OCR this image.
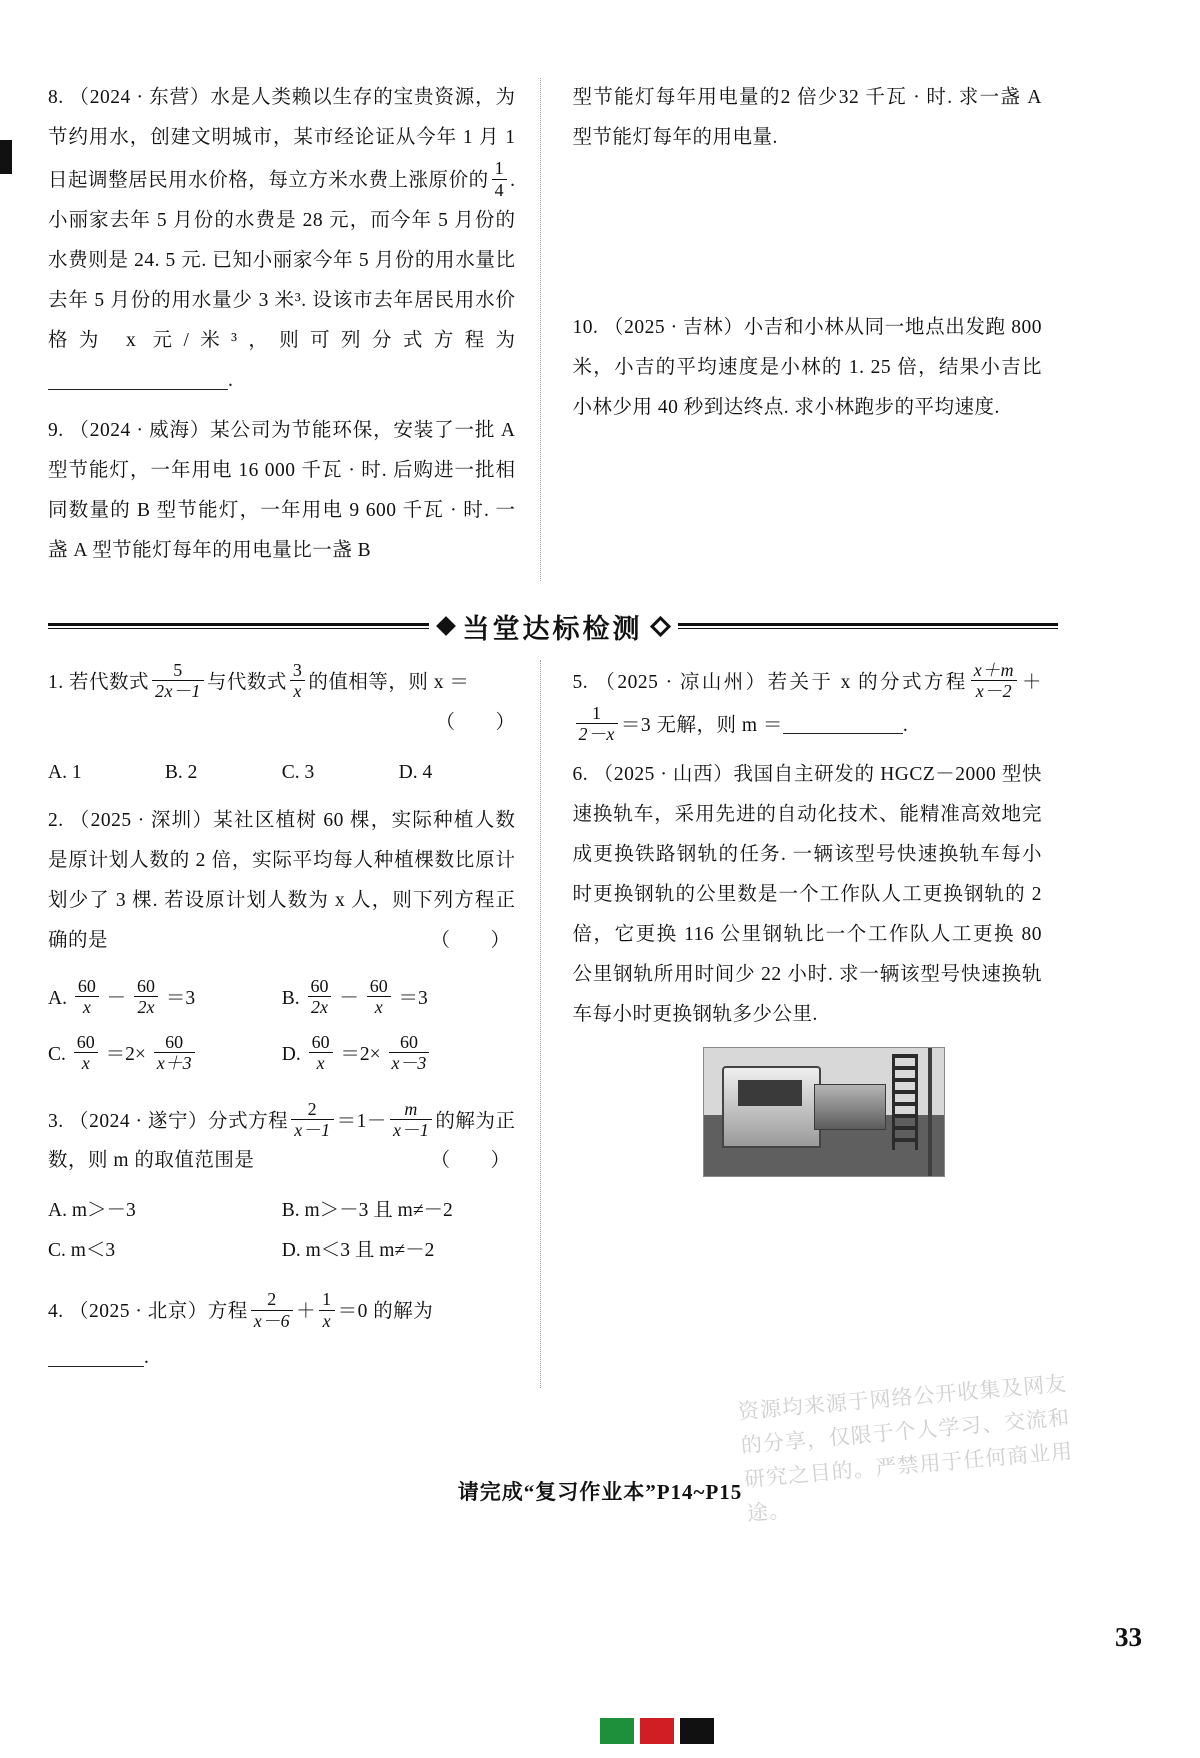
8. （2024 · 东营）水是人类赖以生存的宝贵资源，为节约用水，创建文明城市，某市经论证从今年 1 月 1 日起调整居民用水价格，每立方米水费上涨原价的 $\frac{1}{4}$ . 小丽家去年 5 月份的水费是 28 元，而今年 5 月份的水费则是 24. 5 元. 已知小丽家今年 5 月份的用水量比去年 5 月份的用水量少 3 米³. 设该市去年居民用水价格为 x 元/米³，则可列分式方程为.
9. （2024 · 威海）某公司为节能环保，安装了一批 A 型节能灯，一年用电 16 000 千瓦 · 时. 后购进一批相同数量的 B 型节能灯，一年用电 9 600 千瓦 · 时. 一盏 A 型节能灯每年的用电量比一盏 B
型节能灯每年用电量的2 倍少32 千瓦 · 时. 求一盏 A 型节能灯每年的用电量.
10. （2025 · 吉林）小吉和小林从同一地点出发跑 800 米，小吉的平均速度是小林的 1. 25 倍，结果小吉比小林少用 40 秒到达终点. 求小林跑步的平均速度.
当堂达标检测
1. 若代数式 $\frac{5}{2x-1}$ 与代数式 $\frac{3}{x}$ 的值相等，则 x ＝
（　　）
A. 1	B. 2	C. 3	D. 4
2. （2025 · 深圳）某社区植树 60 棵，实际种植人数是原计划人数的 2 倍，实际平均每人种植棵数比原计划少了 3 棵. 若设原计划人数为 x 人，则下列方程正确的是	（　　）
A. $\frac{60}{x} - \frac{60}{2x} =3$	B. $\frac{60}{2x} - \frac{60}{x} =3$
C. $\frac{60}{x} =2\times \frac{60}{x+3}$	D. $\frac{60}{x} =2\times \frac{60}{x-3}$
3. （2024 · 遂宁）分式方程 $\frac{2}{x-1} =1- \frac{m}{x-1}$ 的解为正数，则 m 的取值范围是	（　　）
A. m＞－3	B. m＞－3 且 m≠－2
C. m＜3	D. m＜3 且 m≠－2
4. （2025 · 北京）方程 $\frac{2}{x-6} + \frac{1}{x} =0$ 的解为
.
5. （2025 · 凉山州）若关于 x 的分式方程 $\frac{x+m}{x-2}$ ＋
$\frac{1}{2-x} =3$ 无解，则 m ＝	.
6. （2025 · 山西）我国自主研发的 HGCZ－2000 型快速换轨车，采用先进的自动化技术、能精准高效地完成更换铁路钢轨的任务. 一辆该型号快速换轨车每小时更换钢轨的公里数是一个工作队人工更换钢轨的 2 倍，它更换 116 公里钢轨比一个工作队人工更换 80 公里钢轨所用时间少 22 小时. 求一辆该型号快速换轨车每小时更换钢轨多少公里.
资源均来源于网络公开收集及网友的分享，仅限于个人学习、交流和研究之目的。严禁用于任何商业用途。
请完成“复习作业本”P14~P15
33
